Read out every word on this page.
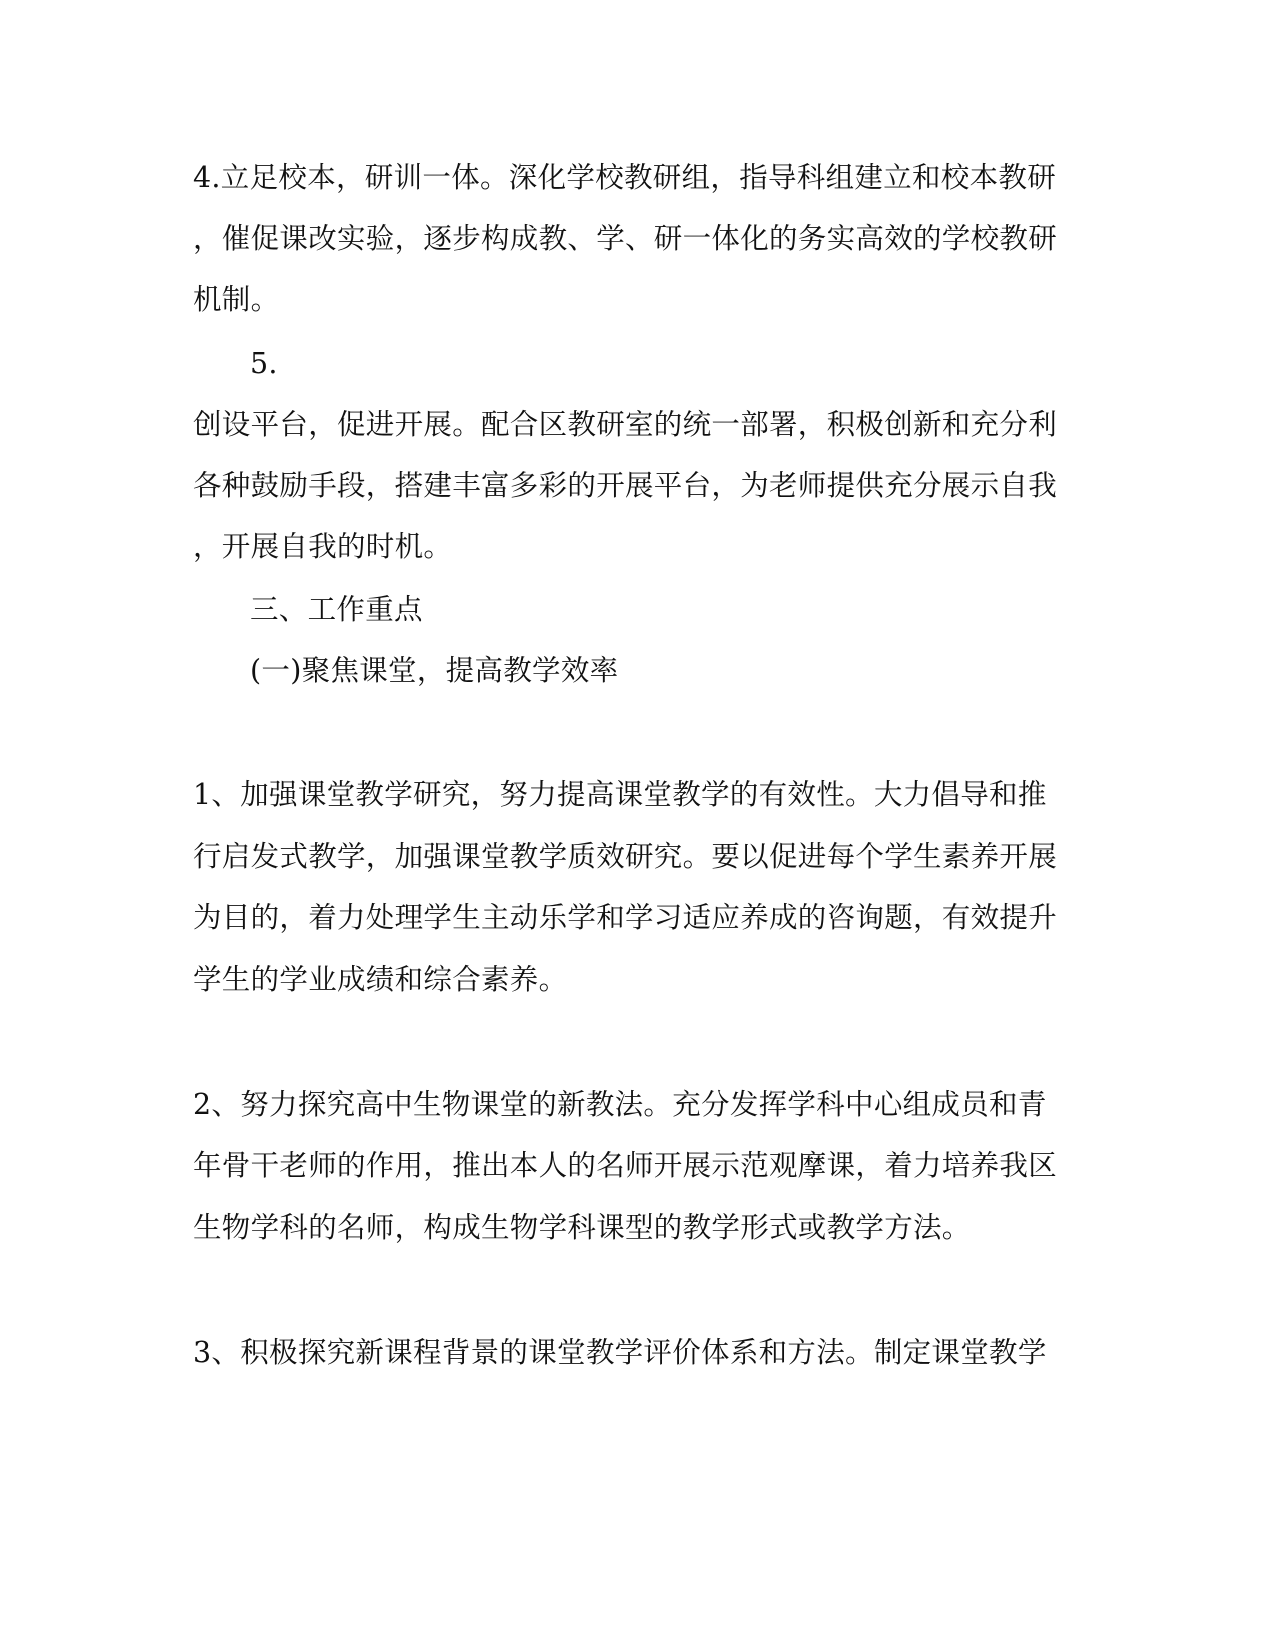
4.立足校本，研训一体。深化学校教研组，指导科组建立和校本教研
，催促课改实验，逐步构成教、学、研一体化的务实高效的学校教研
机制。
5.
创设平台，促进开展。配合区教研室的统一部署，积极创新和充分利
各种鼓励手段，搭建丰富多彩的开展平台，为老师提供充分展示自我
，开展自我的时机。
三、工作重点
(一)聚焦课堂，提高教学效率
1、加强课堂教学研究，努力提高课堂教学的有效性。大力倡导和推
行启发式教学，加强课堂教学质效研究。要以促进每个学生素养开展
为目的，着力处理学生主动乐学和学习适应养成的咨询题，有效提升
学生的学业成绩和综合素养。
2、努力探究高中生物课堂的新教法。充分发挥学科中心组成员和青
年骨干老师的作用，推出本人的名师开展示范观摩课，着力培养我区
生物学科的名师，构成生物学科课型的教学形式或教学方法。
3、积极探究新课程背景的课堂教学评价体系和方法。制定课堂教学
